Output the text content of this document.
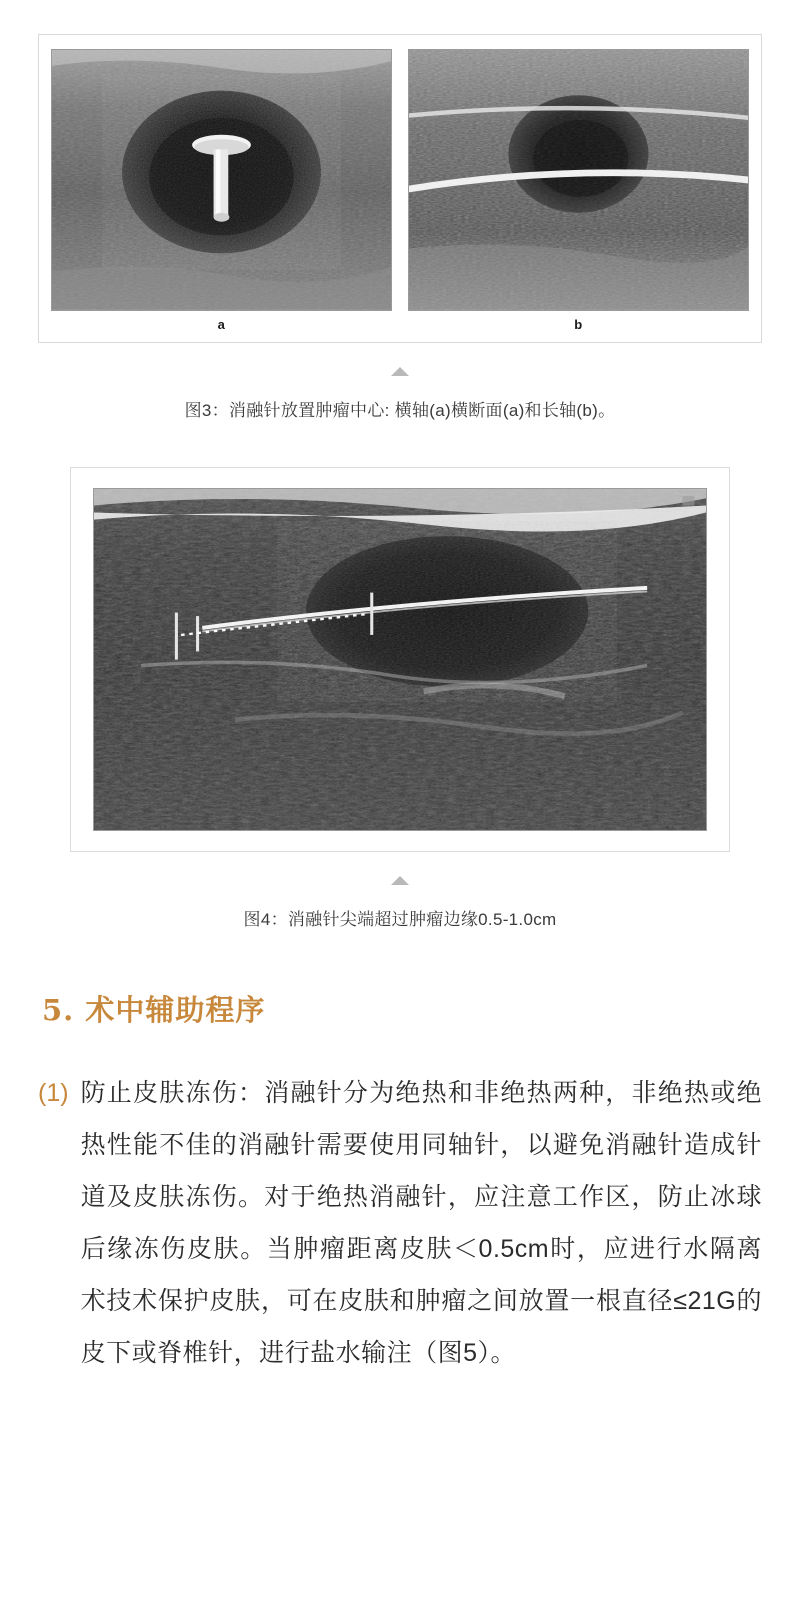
a	b
图3：消融针放置肿瘤中心: 横轴(a)横断面(a)和长轴(b)。
图4：消融针尖端超过肿瘤边缘0.5-1.0cm
5. 术中辅助程序
(1) 防止皮肤冻伤：消融针分为绝热和非绝热两种，非绝热或绝热性能不佳的消融针需要使用同轴针，以避免消融针造成针道及皮肤冻伤。对于绝热消融针，应注意工作区，防止冰球后缘冻伤皮肤。当肿瘤距离皮肤＜0.5cm时，应进行水隔离术技术保护皮肤，可在皮肤和肿瘤之间放置一根直径≤21G的皮下或脊椎针，进行盐水输注（图5）。
